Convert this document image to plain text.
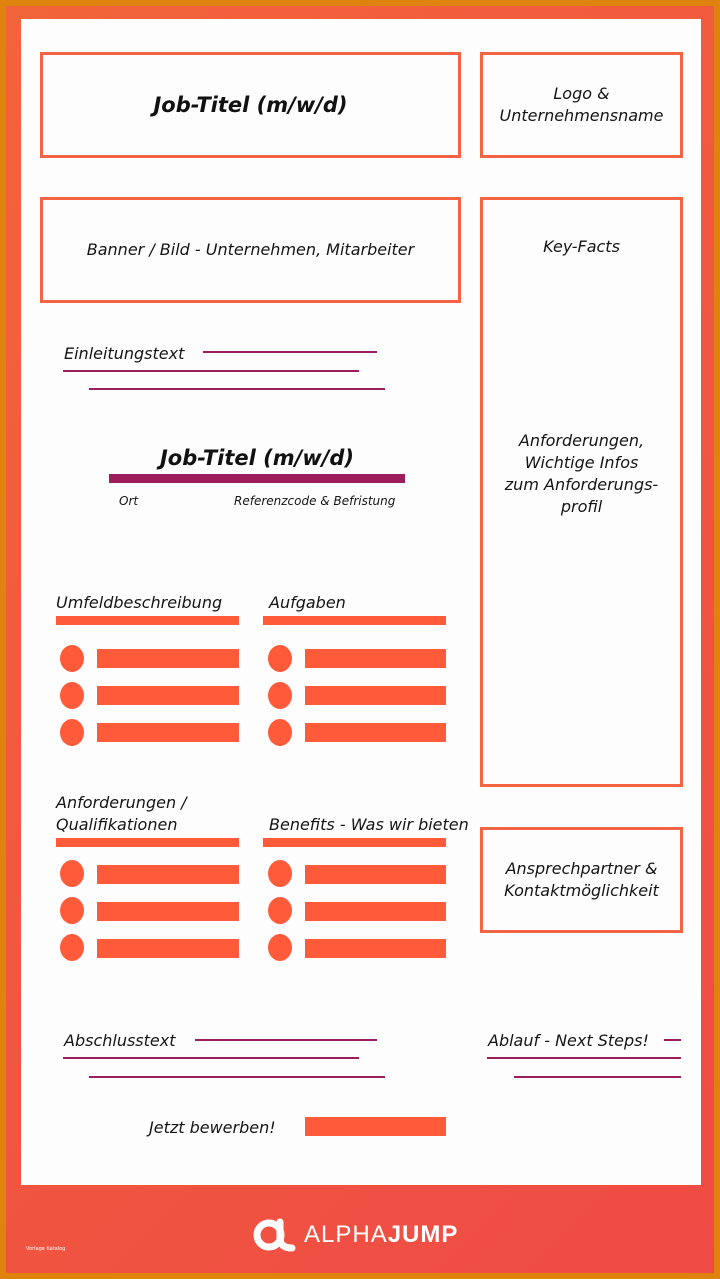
Job-Titel (m/w/d)	Logo &
Unternehmensname
Banner / Bild - Unternehmen, Mitarbeiter	Key-Facts
Anforderungen,
Wichtige Infos
zum Anforderungs-
profil
Einleitungstext
Job-Titel (m/w/d)
Ort	Referenzcode & Befristung
Umfeldbeschreibung	Aufgaben
Anforderungen /
Qualifikationen	Benefits - Was wir bieten
Ansprechpartner &
Kontaktmöglichkeit
Abschlusstext	Ablauf - Next Steps!
Jetzt bewerben!
ALPHA JUMP
Vorlage Katalog
